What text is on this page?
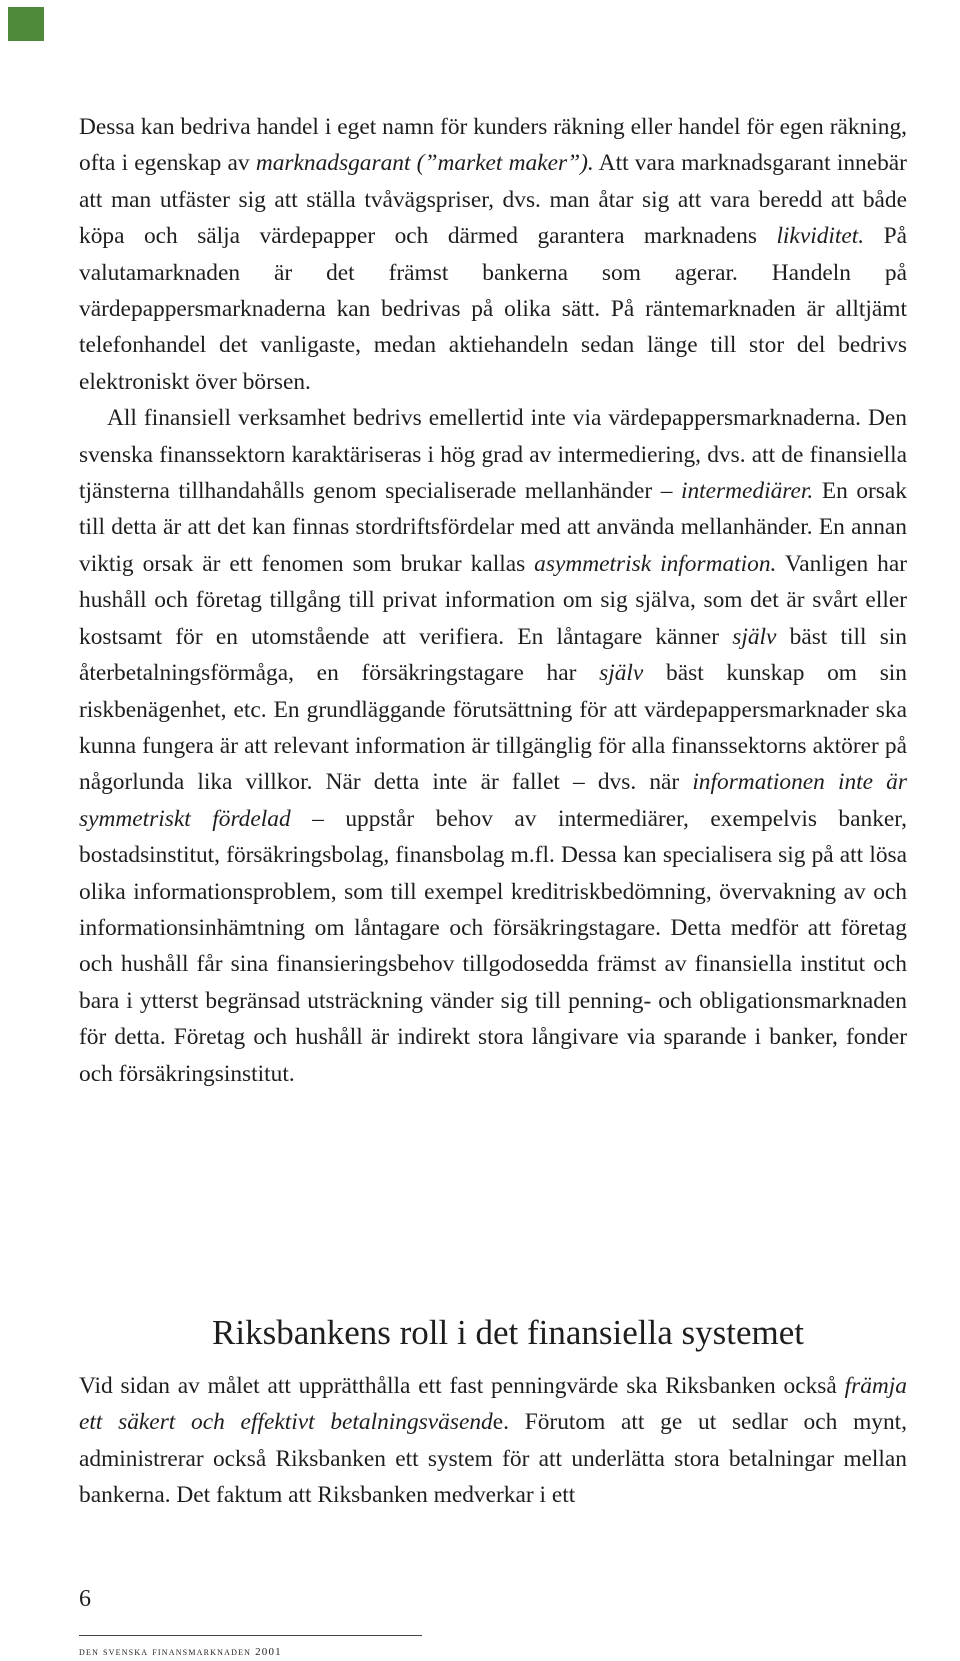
Dessa kan bedriva handel i eget namn för kunders räkning eller handel för egen räkning, ofta i egenskap av marknadsgarant (”market maker”). Att vara marknadsgarant innebär att man utfäster sig att ställa tvåvägspriser, dvs. man åtar sig att vara beredd att både köpa och sälja värdepapper och därmed garantera marknadens likviditet. På valutamarknaden är det främst bankerna som agerar. Handeln på värdepappersmarknaderna kan bedrivas på olika sätt. På räntemarknaden är alltjämt telefonhandel det vanligaste, medan aktiehandeln sedan länge till stor del bedrivs elektroniskt över börsen.

All finansiell verksamhet bedrivs emellertid inte via värdepappersmarknaderna. Den svenska finanssektorn karaktäriseras i hög grad av intermediering, dvs. att de finansiella tjänsterna tillhandahålls genom specialiserade mellanhänder – intermediärer. En orsak till detta är att det kan finnas stordriftsfördelar med att använda mellanhänder. En annan viktig orsak är ett fenomen som brukar kallas asymmetrisk information. Vanligen har hushåll och företag tillgång till privat information om sig själva, som det är svårt eller kostsamt för en utomstående att verifiera. En låntagare känner själv bäst till sin återbetalningsförmåga, en försäkringstagare har själv bäst kunskap om sin riskbenägenhet, etc. En grundläggande förutsättning för att värdepappersmarknader ska kunna fungera är att relevant information är tillgänglig för alla finanssektorns aktörer på någorlunda lika villkor. När detta inte är fallet – dvs. när informationen inte är symmetriskt fördelad – uppstår behov av intermediärer, exempelvis banker, bostadsinstitut, försäkringsbolag, finansbolag m.fl. Dessa kan specialisera sig på att lösa olika informationsproblem, som till exempel kreditriskbedömning, övervakning av och informationsinhämtning om låntagare och försäkringstagare. Detta medför att företag och hushåll får sina finansieringsbehov tillgodosedda främst av finansiella institut och bara i ytterst begränsad utsträckning vänder sig till penning- och obligationsmarknaden för detta. Företag och hushåll är indirekt stora långivare via sparande i banker, fonder och försäkringsinstitut.

Riksbankens roll i det finansiella systemet

Vid sidan av målet att upprätthålla ett fast penningvärde ska Riksbanken också främja ett säkert och effektivt betalningsväsende. Förutom att ge ut sedlar och mynt, administrerar också Riksbanken ett system för att underlätta stora betalningar mellan bankerna. Det faktum att Riksbanken medverkar i ett

6
den svenska finansmarknaden 2001
